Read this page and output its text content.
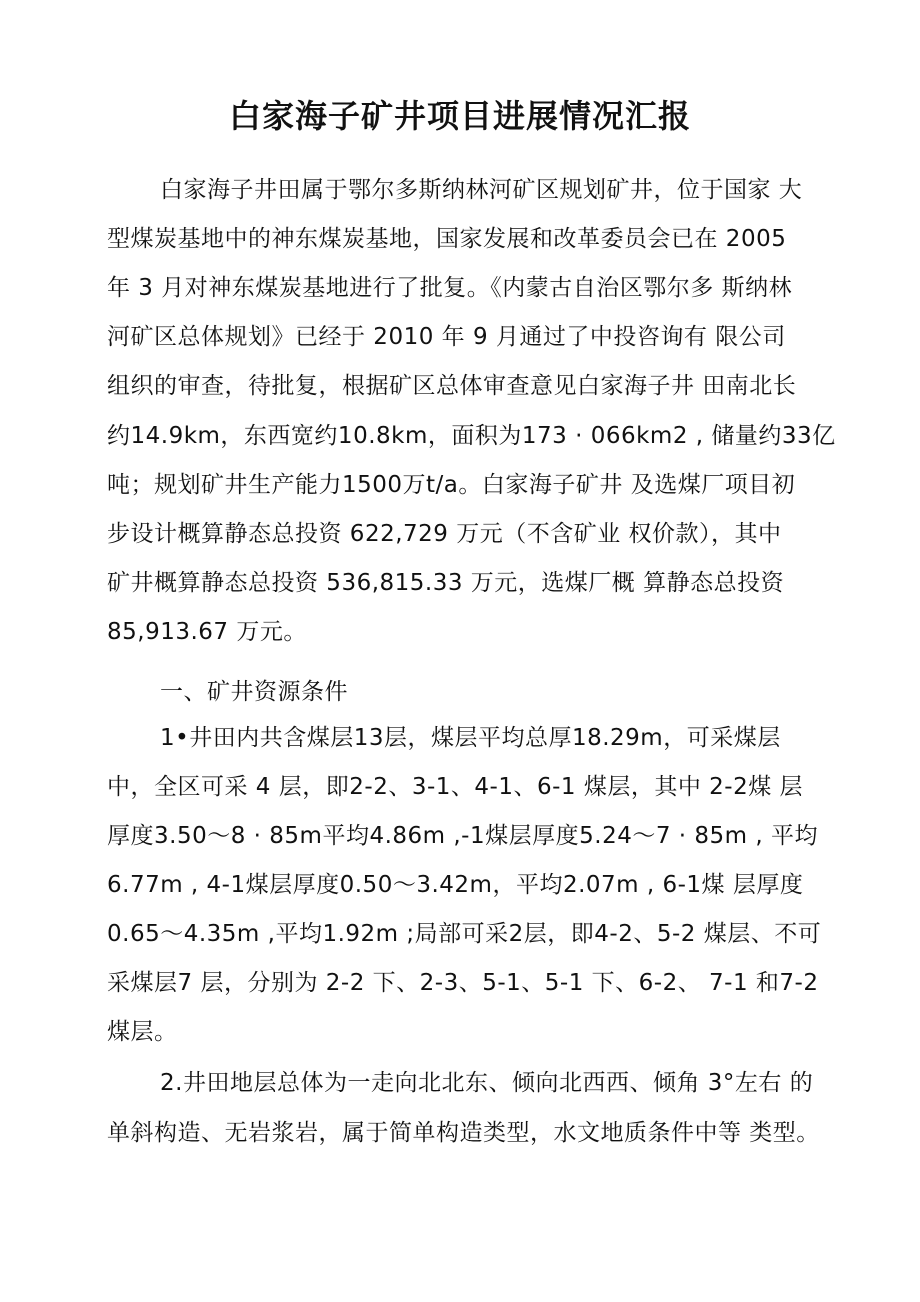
白家海子矿井项目进展情况汇报
白家海子井田属于鄂尔多斯纳林河矿区规划矿井，位于国家 大
型煤炭基地中的神东煤炭基地，国家发展和改革委员会已在 2005
年 3 月对神东煤炭基地进行了批复。《内蒙古自治区鄂尔多 斯纳林
河矿区总体规划》已经于 2010 年 9 月通过了中投咨询有 限公司
组织的审查，待批复，根据矿区总体审查意见白家海子井 田南北长
约14.9km，东西宽约10.8km，面积为173 · 066km2 , 储量约33亿
吨；规划矿井生产能力1500万t/a。白家海子矿井 及选煤厂项目初
步设计概算静态总投资 622,729 万元（不含矿业 权价款），其中
矿井概算静态总投资 536,815.33 万元，选煤厂概 算静态总投资
85,913.67 万元。
一、矿井资源条件
1•井田内共含煤层13层，煤层平均总厚18.29m，可采煤层
中，全区可采 4 层，即2-2、3-1、4-1、6-1 煤层，其中 2-2煤 层
厚度3.50～8 · 85m平均4.86m ,-1煤层厚度5.24～7 · 85m , 平均
6.77m , 4-1煤层厚度0.50～3.42m，平均2.07m , 6-1煤 层厚度
0.65～4.35m ,平均1.92m ;局部可采2层，即4-2、5-2 煤层、不可
采煤层7 层，分别为 2-2 下、2-3、5-1、5-1 下、6-2、 7-1 和7-2
煤层。
2.井田地层总体为一走向北北东、倾向北西西、倾角 3°左右 的
单斜构造、无岩浆岩，属于简单构造类型，水文地质条件中等 类型。
